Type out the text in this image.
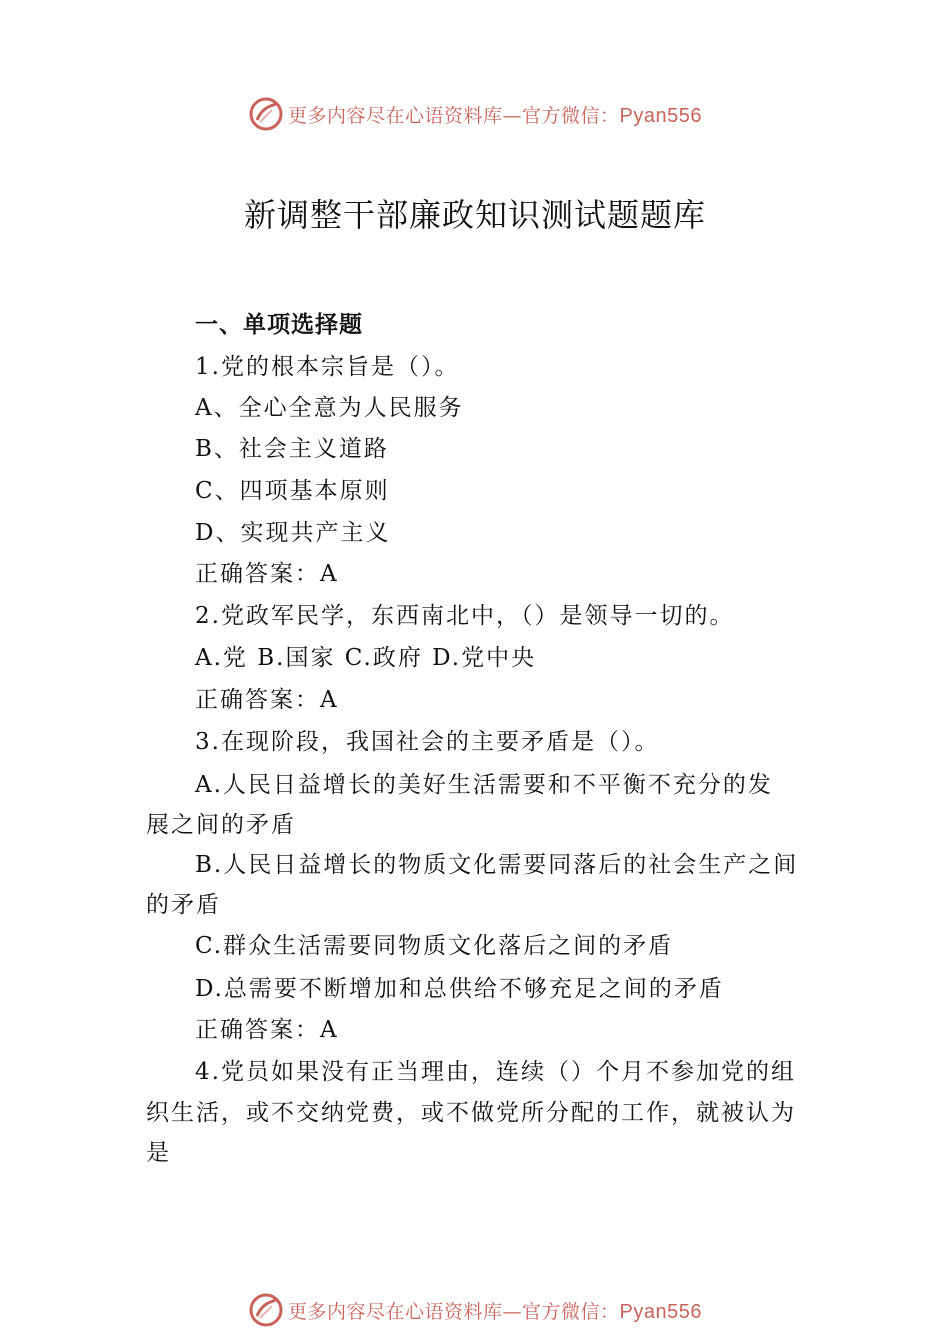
更多内容尽在心语资料库—官方微信：Pyan556
新调整干部廉政知识测试题题库
一、单项选择题
1.党的根本宗旨是（）。
A、全心全意为人民服务
B、社会主义道路
C、四项基本原则
D、实现共产主义
正确答案：A
2.党政军民学，东西南北中，（）是领导一切的。
A.党 B.国家 C.政府 D.党中央
正确答案：A
3.在现阶段，我国社会的主要矛盾是（）。
A.人民日益增长的美好生活需要和不平衡不充分的发
展之间的矛盾
B.人民日益增长的物质文化需要同落后的社会生产之间
的矛盾
C.群众生活需要同物质文化落后之间的矛盾
D.总需要不断增加和总供给不够充足之间的矛盾
正确答案：A
4.党员如果没有正当理由，连续（）个月不参加党的组
织生活，或不交纳党费，或不做党所分配的工作，就被认为
是
更多内容尽在心语资料库—官方微信：Pyan556
